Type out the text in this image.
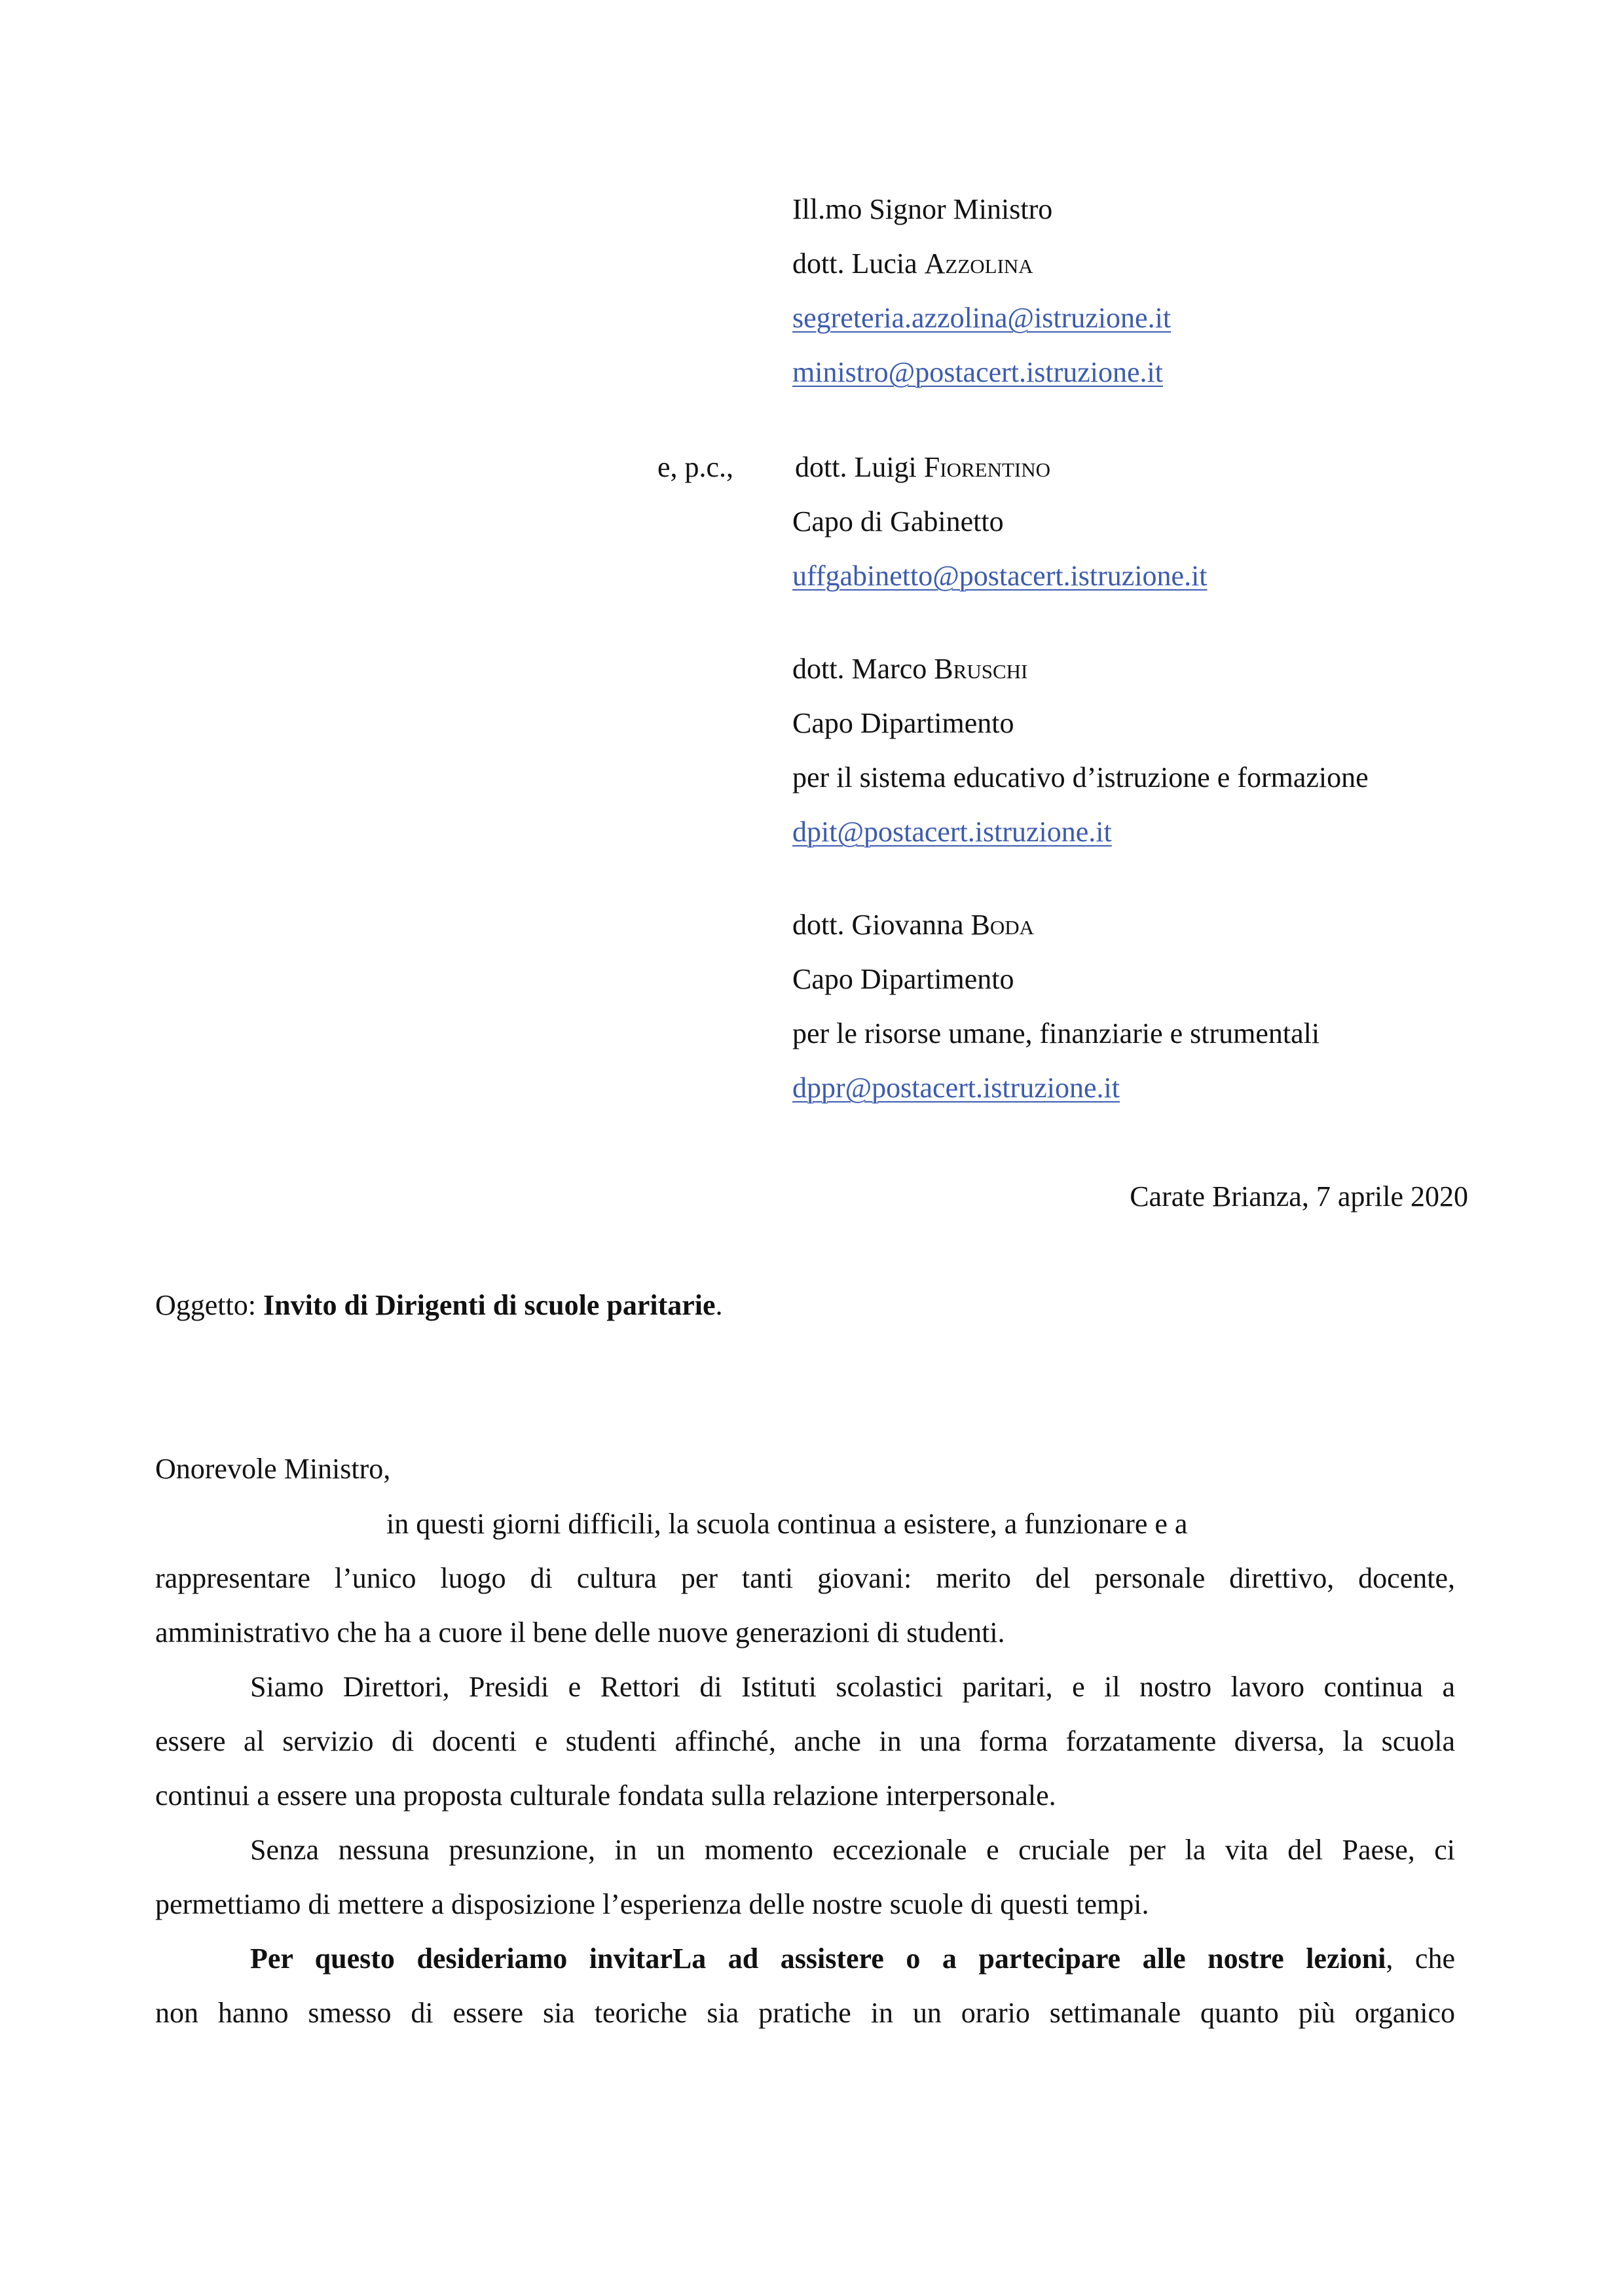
Ill.mo Signor Ministro
dott. Lucia Azzolina
segreteria.azzolina@istruzione.it
ministro@postacert.istruzione.it
e, p.c., dott. Luigi Fiorentino
Capo di Gabinetto
uffgabinetto@postacert.istruzione.it
dott. Marco Bruschi
Capo Dipartimento
per il sistema educativo d’istruzione e formazione
dpit@postacert.istruzione.it
dott. Giovanna Boda
Capo Dipartimento
per le risorse umane, finanziarie e strumentali
dppr@postacert.istruzione.it
Carate Brianza, 7 aprile 2020
Oggetto: Invito di Dirigenti di scuole paritarie.
Onorevole Ministro,
in questi giorni difficili, la scuola continua a esistere, a funzionare e a
rappresentare l’unico luogo di cultura per tanti giovani: merito del personale direttivo, docente,
amministrativo che ha a cuore il bene delle nuove generazioni di studenti.
Siamo Direttori, Presidi e Rettori di Istituti scolastici paritari, e il nostro lavoro continua a
essere al servizio di docenti e studenti affinché, anche in una forma forzatamente diversa, la scuola
continui a essere una proposta culturale fondata sulla relazione interpersonale.
Senza nessuna presunzione, in un momento eccezionale e cruciale per la vita del Paese, ci
permettiamo di mettere a disposizione l’esperienza delle nostre scuole di questi tempi.
Per questo desideriamo invitarLa ad assistere o a partecipare alle nostre lezioni, che
non hanno smesso di essere sia teoriche sia pratiche in un orario settimanale quanto più organico
